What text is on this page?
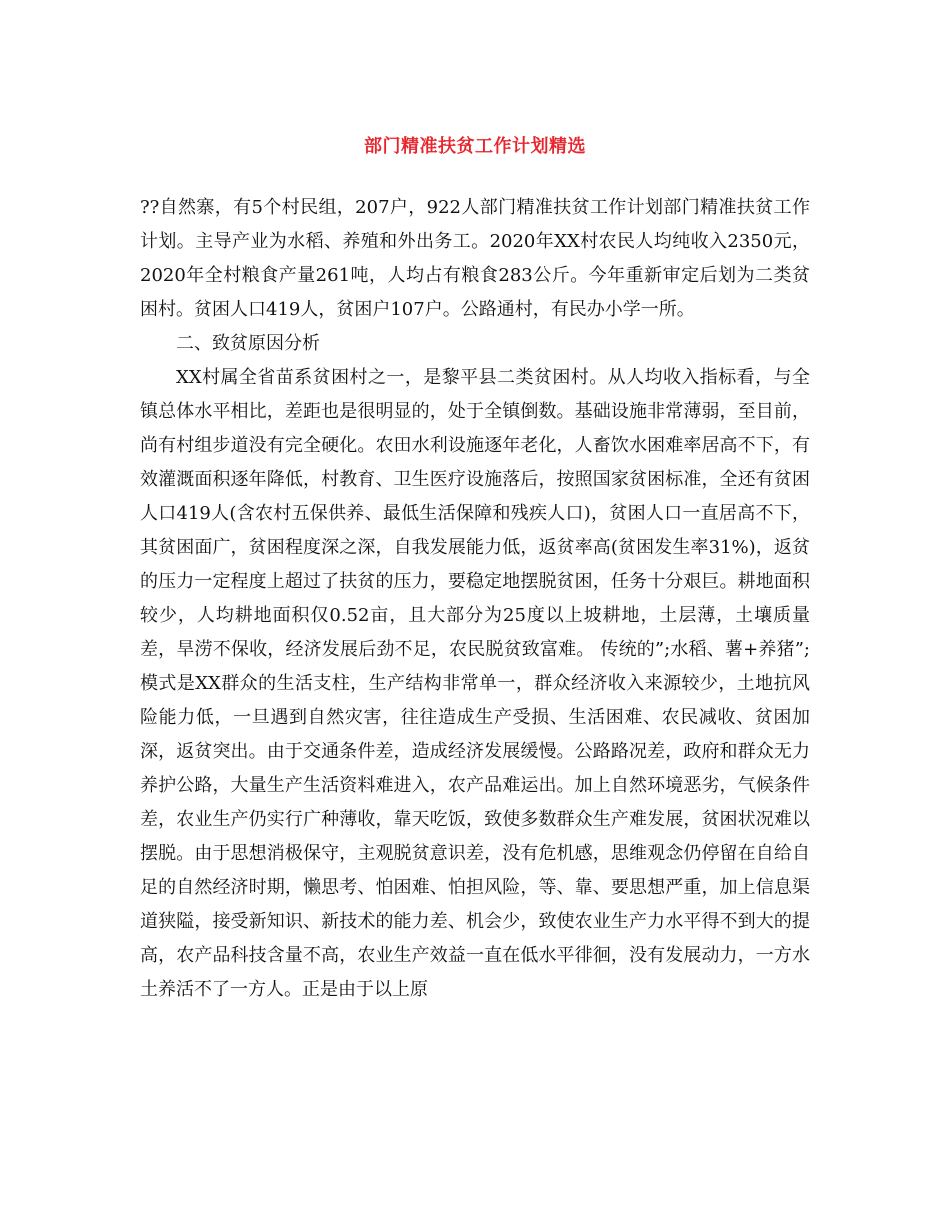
部门精准扶贫工作计划精选

??自然寨，有5个村民组，207户，922人部门精准扶贫工作计划部门精准扶贫工作计划。主导产业为水稻、养殖和外出务工。2020年XX村农民人均纯收入2350元，2020年全村粮食产量261吨，人均占有粮食283公斤。今年重新审定后划为二类贫困村。贫困人口419人，贫困户107户。公路通村，有民办小学一所。

二、致贫原因分析

XX村属全省苗系贫困村之一，是黎平县二类贫困村。从人均收入指标看，与全镇总体水平相比，差距也是很明显的，处于全镇倒数。基础设施非常薄弱，至目前，尚有村组步道没有完全硬化。农田水利设施逐年老化，人畜饮水困难率居高不下，有效灌溉面积逐年降低，村教育、卫生医疗设施落后，按照国家贫困标准，全还有贫困人口419人(含农村五保供养、最低生活保障和残疾人口)，贫困人口一直居高不下，其贫困面广，贫困程度深之深，自我发展能力低，返贫率高(贫困发生率31%)，返贫的压力一定程度上超过了扶贫的压力，要稳定地摆脱贫困，任务十分艰巨。耕地面积较少，人均耕地面积仅0.52亩，且大部分为25度以上坡耕地，土层薄，土壤质量差，旱涝不保收，经济发展后劲不足，农民脱贫致富难。 传统的”;水稻、薯+养猪”;模式是XX群众的生活支柱，生产结构非常单一，群众经济收入来源较少，土地抗风险能力低，一旦遇到自然灾害，往往造成生产受损、生活困难、农民减收、贫困加深，返贫突出。由于交通条件差，造成经济发展缓慢。公路路况差，政府和群众无力养护公路，大量生产生活资料难进入，农产品难运出。加上自然环境恶劣，气候条件差，农业生产仍实行广种薄收，靠天吃饭，致使多数群众生产难发展，贫困状况难以摆脱。由于思想消极保守，主观脱贫意识差，没有危机感，思维观念仍停留在自给自足的自然经济时期，懒思考、怕困难、怕担风险，等、靠、要思想严重，加上信息渠道狭隘，接受新知识、新技术的能力差、机会少，致使农业生产力水平得不到大的提高，农产品科技含量不高，农业生产效益一直在低水平徘徊，没有发展动力，一方水土养活不了一方人。正是由于以上原
